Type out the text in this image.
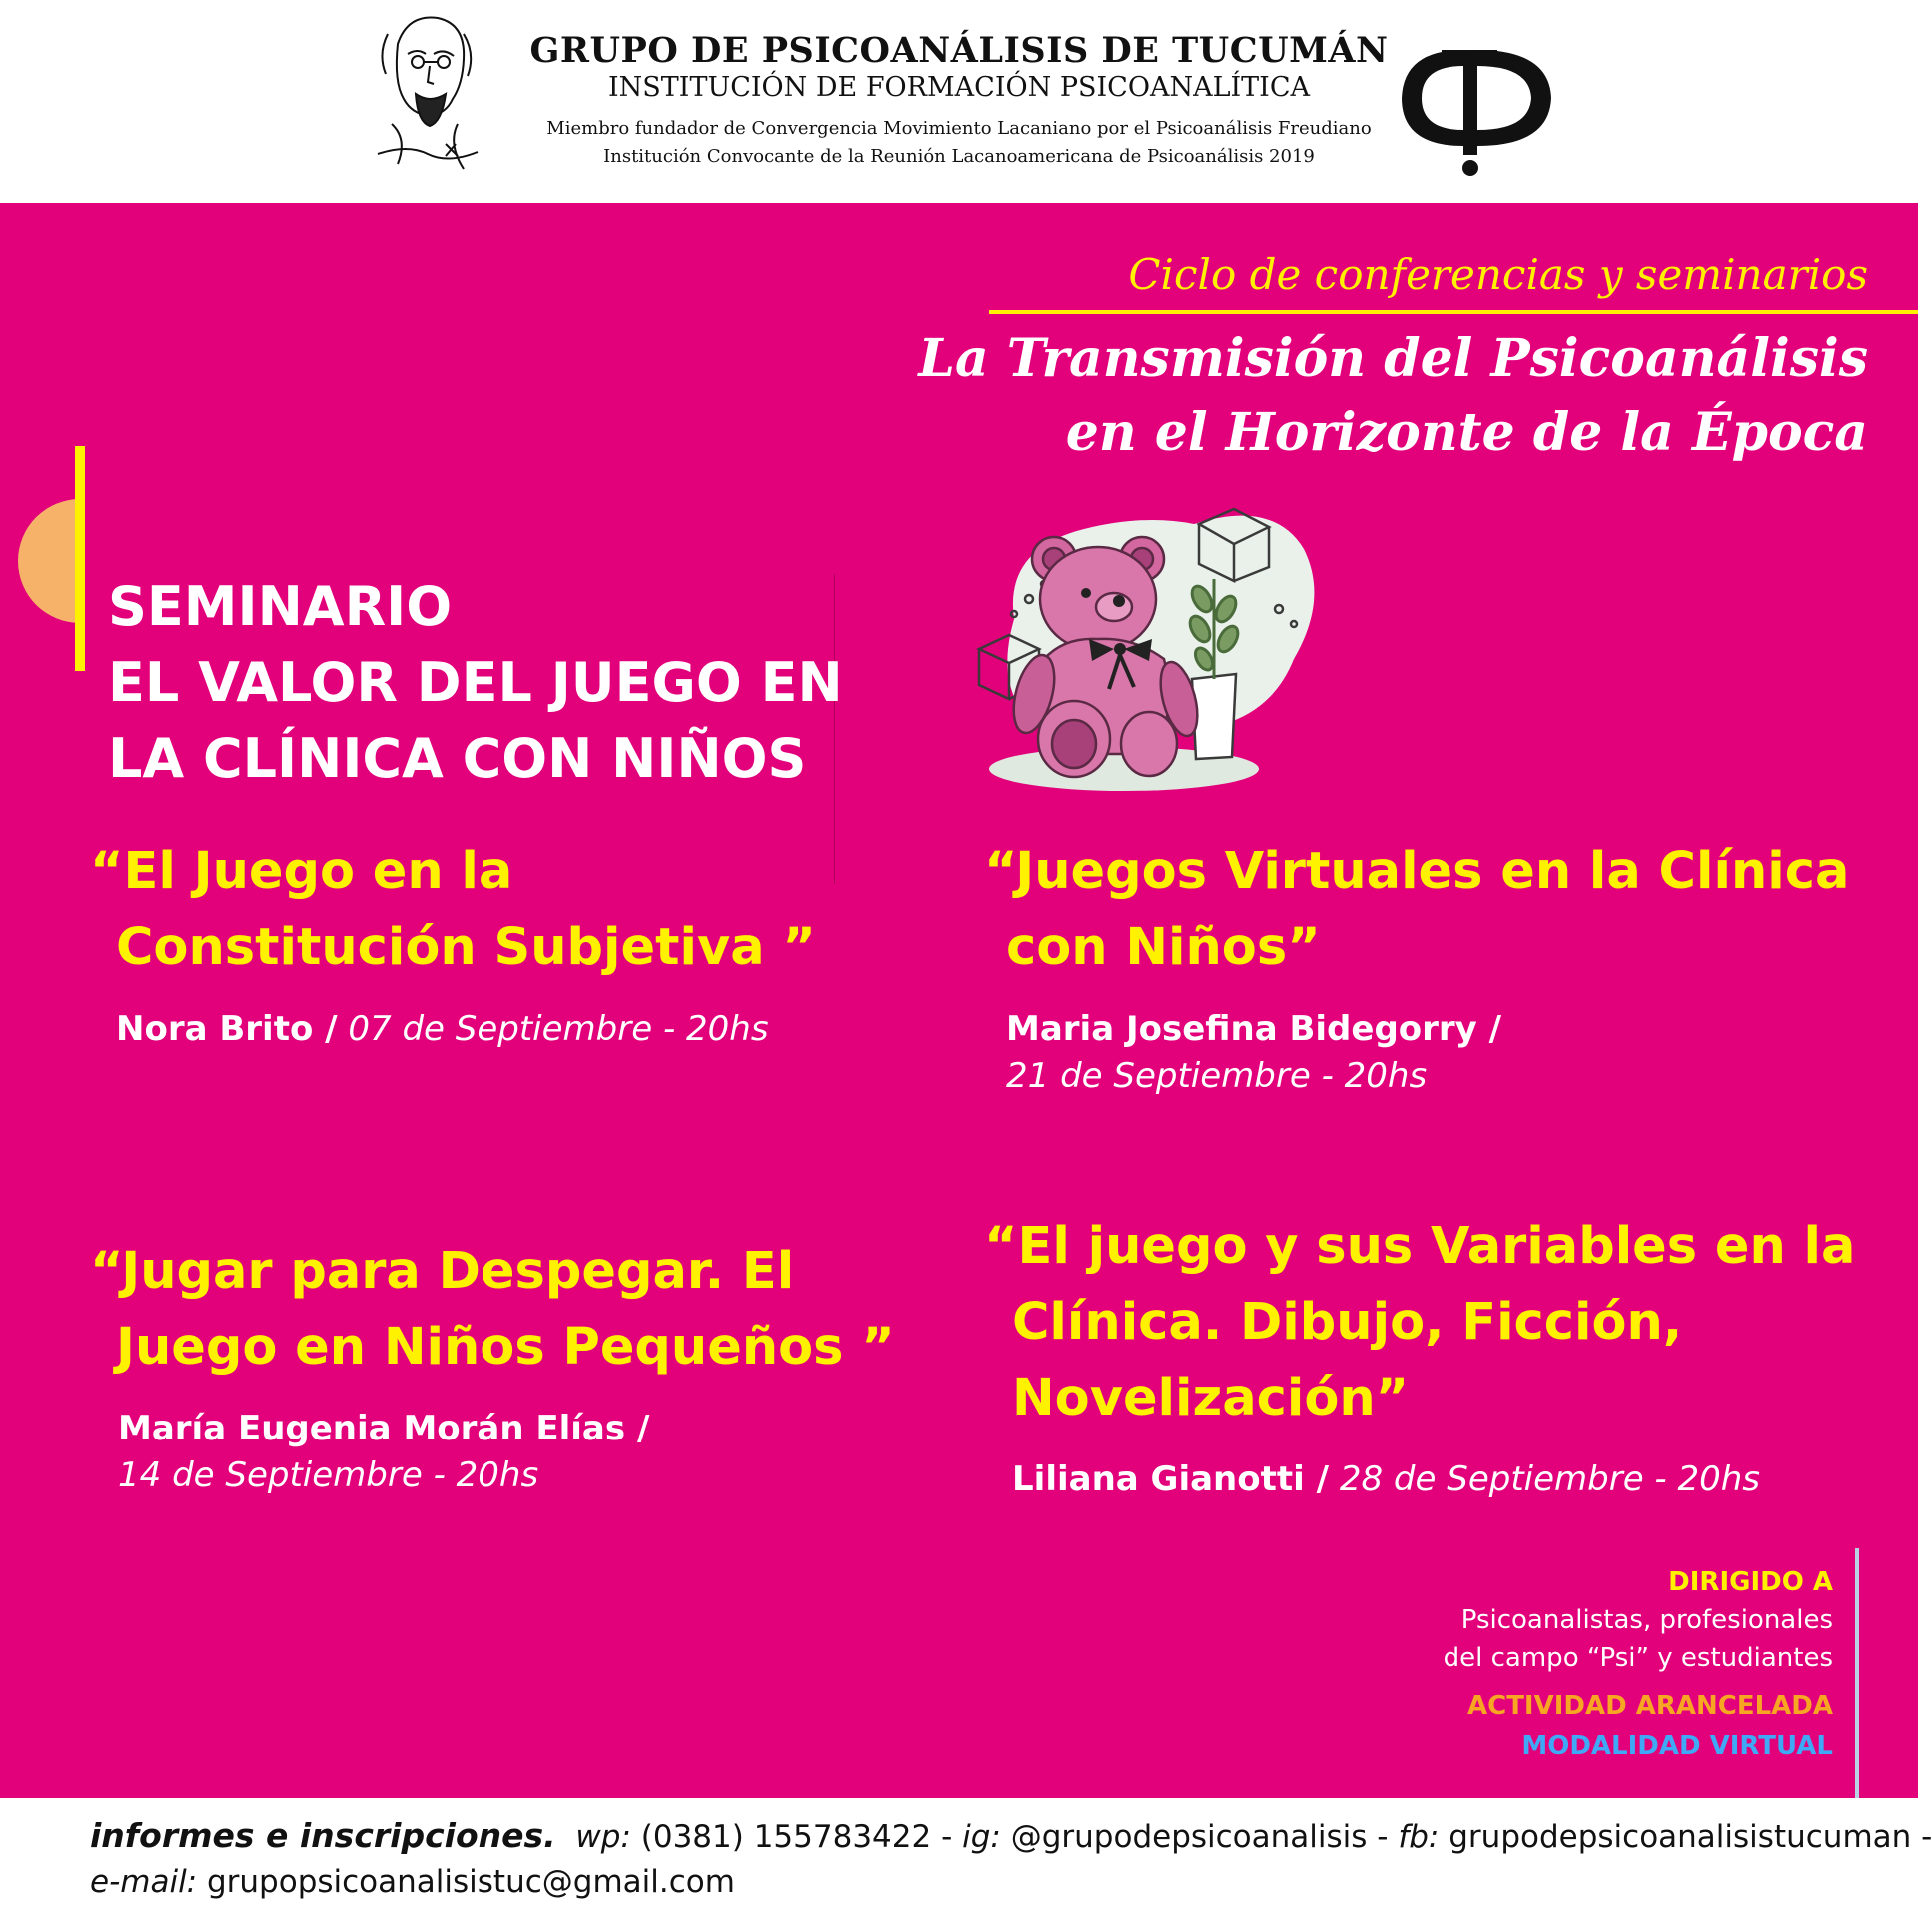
GRUPO DE PSICOANÁLISIS DE TUCUMÁN
INSTITUCIÓN DE FORMACIÓN PSICOANALÍTICA
Miembro fundador de Convergencia Movimiento Lacaniano por el Psicoanálisis Freudiano
Institución Convocante de la Reunión Lacanoamericana de Psicoanálisis 2019
Ciclo de conferencias y seminarios
La Transmisión del Psicoanálisis
en el Horizonte de la Época
SEMINARIO
EL VALOR DEL JUEGO EN
LA CLÍNICA CON NIÑOS
“El Juego en la
Constitución Subjetiva ”
Nora Brito / 07 de Septiembre - 20hs
“Juegos Virtuales en la Clínica
con Niños”
Maria Josefina Bidegorry /
21 de Septiembre - 20hs
“Jugar para Despegar. El
Juego en Niños Pequeños ”
María Eugenia Morán Elías /
14 de Septiembre - 20hs
“El juego y sus Variables en la
Clínica. Dibujo, Ficción,
Novelización”
Liliana Gianotti / 28 de Septiembre - 20hs
DIRIGIDO A
Psicoanalistas, profesionales
del campo “Psi” y estudiantes
ACTIVIDAD ARANCELADA
MODALIDAD VIRTUAL
informes e inscripciones. wp: (0381) 155783422 - ig: @grupodepsicoanalisis - fb: grupodepsicoanalisistucuman -
e-mail: grupopsicoanalisistuc@gmail.com
